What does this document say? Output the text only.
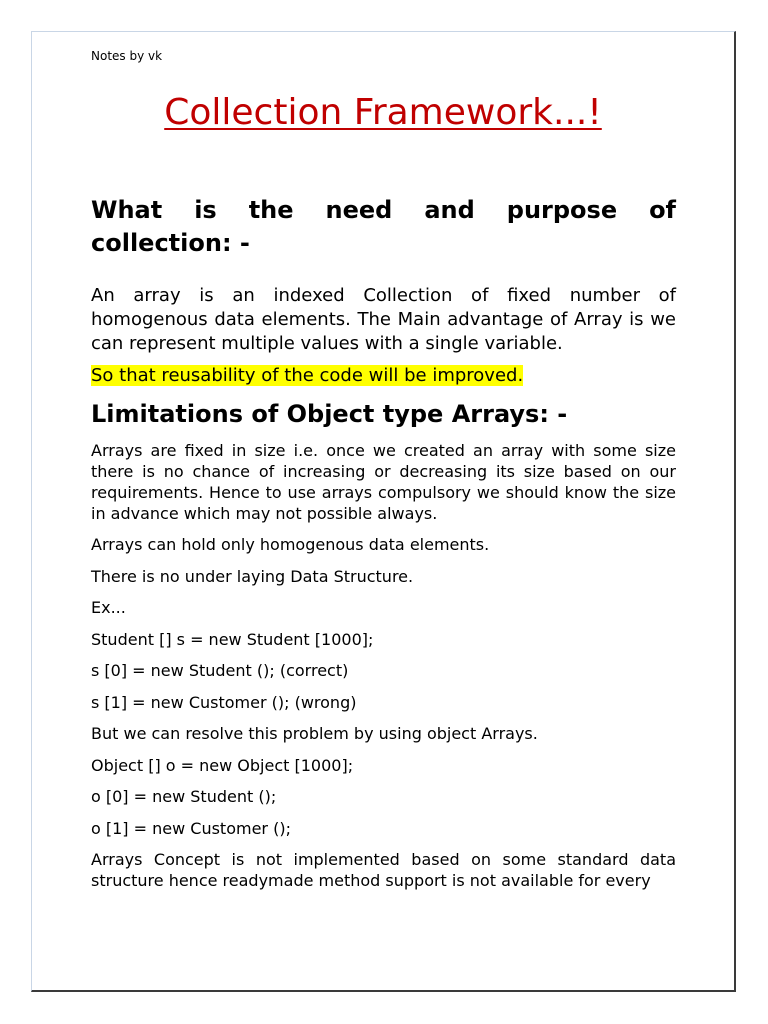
Notes by vk
Collection Framework...!
What is the need and purpose of collection: -

An array is an indexed Collection of fixed number of homogenous data elements. The Main advantage of Array is we can represent multiple values with a single variable.

So that reusability of the code will be improved.

Limitations of Object type Arrays: -

Arrays are fixed in size i.e. once we created an array with some size there is no chance of increasing or decreasing its size based on our requirements. Hence to use arrays compulsory we should know the size in advance which may not possible always.

Arrays can hold only homogenous data elements.

There is no under laying Data Structure.

Ex...

Student [] s = new Student [1000];

s [0] = new Student (); (correct)

s [1] = new Customer (); (wrong)

But we can resolve this problem by using object Arrays.

Object [] o = new Object [1000];

o [0] = new Student ();

o [1] = new Customer ();

Arrays Concept is not implemented based on some standard data structure hence readymade method support is not available for every
